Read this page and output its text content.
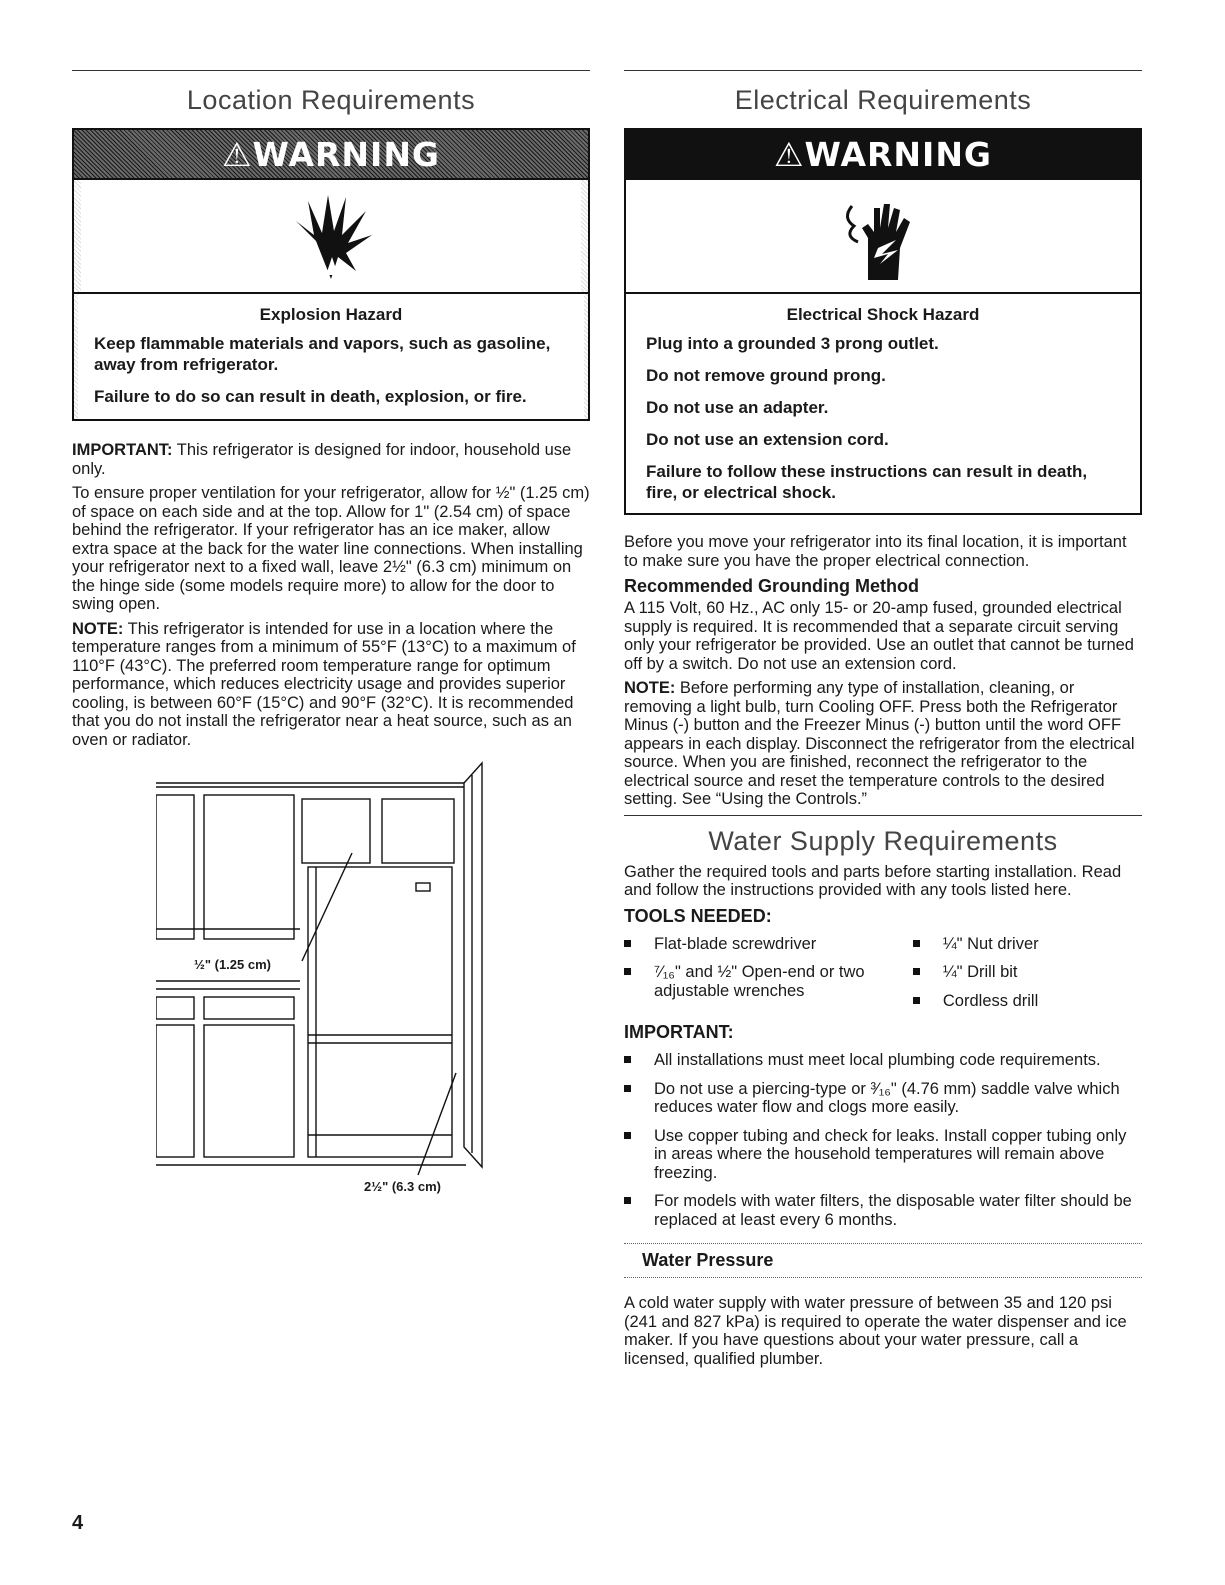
Location Requirements
⚠WARNING
Explosion Hazard

Keep flammable materials and vapors, such as gasoline, away from refrigerator.

Failure to do so can result in death, explosion, or fire.

IMPORTANT: This refrigerator is designed for indoor, household use only.

To ensure proper ventilation for your refrigerator, allow for ½" (1.25 cm) of space on each side and at the top. Allow for 1" (2.54 cm) of space behind the refrigerator. If your refrigerator has an ice maker, allow extra space at the back for the water line connections. When installing your refrigerator next to a fixed wall, leave 2½" (6.3 cm) minimum on the hinge side (some models require more) to allow for the door to swing open.

NOTE: This refrigerator is intended for use in a location where the temperature ranges from a minimum of 55°F (13°C) to a maximum of 110°F (43°C). The preferred room temperature range for optimum performance, which reduces electricity usage and provides superior cooling, is between 60°F (15°C) and 90°F (32°C). It is recommended that you do not install the refrigerator near a heat source, such as an oven or radiator.

½" (1.25 cm)
2½" (6.3 cm)
Electrical Requirements
⚠WARNING
Electrical Shock Hazard

Plug into a grounded 3 prong outlet.

Do not remove ground prong.

Do not use an adapter.

Do not use an extension cord.

Failure to follow these instructions can result in death, fire, or electrical shock.

Before you move your refrigerator into its final location, it is important to make sure you have the proper electrical connection.

Recommended Grounding Method

A 115 Volt, 60 Hz., AC only 15- or 20-amp fused, grounded electrical supply is required. It is recommended that a separate circuit serving only your refrigerator be provided. Use an outlet that cannot be turned off by a switch. Do not use an extension cord.

NOTE: Before performing any type of installation, cleaning, or removing a light bulb, turn Cooling OFF. Press both the Refrigerator Minus (-) button and the Freezer Minus (-) button until the word OFF appears in each display. Disconnect the refrigerator from the electrical source. When you are finished, reconnect the refrigerator to the electrical source and reset the temperature controls to the desired setting. See “Using the Controls.”

Water Supply Requirements

Gather the required tools and parts before starting installation. Read and follow the instructions provided with any tools listed here.

TOOLS NEEDED:
Flat-blade screwdriver
⁷⁄₁₆" and ½" Open-end or two adjustable wrenches
¼" Nut driver
¼" Drill bit
Cordless drill
IMPORTANT:
All installations must meet local plumbing code requirements.
Do not use a piercing-type or ³⁄₁₆" (4.76 mm) saddle valve which reduces water flow and clogs more easily.
Use copper tubing and check for leaks. Install copper tubing only in areas where the household temperatures will remain above freezing.
For models with water filters, the disposable water filter should be replaced at least every 6 months.
Water Pressure

A cold water supply with water pressure of between 35 and 120 psi (241 and 827 kPa) is required to operate the water dispenser and ice maker. If you have questions about your water pressure, call a licensed, qualified plumber.

4
